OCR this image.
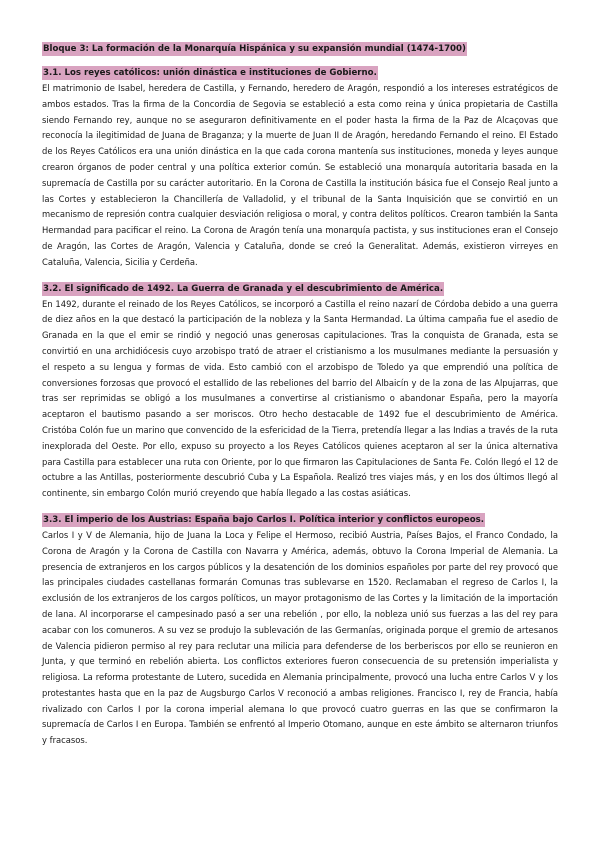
Bloque 3: La formación de la Monarquía Hispánica y su expansión mundial (1474-1700)
3.1. Los reyes católicos: unión dinástica e instituciones de Gobierno.

El matrimonio de Isabel, heredera de Castilla, y Fernando, heredero de Aragón, respondió a los intereses estratégicos de ambos estados. Tras la firma de la Concordia de Segovia se estableció a esta como reina y única propietaria de Castilla siendo Fernando rey, aunque no se aseguraron definitivamente en el poder hasta la firma de la Paz de Alcaçovas que reconocía la ilegitimidad de Juana de Braganza; y la muerte de Juan II de Aragón, heredando Fernando el reino. El Estado de los Reyes Católicos era una unión dinástica en la que cada corona mantenía sus instituciones, moneda y leyes aunque crearon órganos de poder central y una política exterior común. Se estableció una monarquía autoritaria basada en la supremacía de Castilla por su carácter autoritario. En la Corona de Castilla la institución básica fue el Consejo Real junto a las Cortes y establecieron la Chancillería de Valladolid, y el tribunal de la Santa Inquisición que se convirtió en un mecanismo de represión contra cualquier desviación religiosa o moral, y contra delitos políticos. Crearon también la Santa Hermandad para pacificar el reino. La Corona de Aragón tenía una monarquía pactista, y sus instituciones eran el Consejo de Aragón, las Cortes de Aragón, Valencia y Cataluña, donde se creó la Generalitat. Además, existieron virreyes en Cataluña, Valencia, Sicilia y Cerdeña.

3.2. El significado de 1492. La Guerra de Granada y el descubrimiento de América.

En 1492, durante el reinado de los Reyes Católicos, se incorporó a Castilla el reino nazarí de Córdoba debido a una guerra de diez años en la que destacó la participación de la nobleza y la Santa Hermandad. La última campaña fue el asedio de Granada en la que el emir se rindió y negoció unas generosas capitulaciones. Tras la conquista de Granada, esta se convirtió en una archidiócesis cuyo arzobispo trató de atraer el cristianismo a los musulmanes mediante la persuasión y el respeto a su lengua y formas de vida. Esto cambió con el arzobispo de Toledo ya que emprendió una política de conversiones forzosas que provocó el estallido de las rebeliones del barrio del Albaicín y de la zona de las Alpujarras, que tras ser reprimidas se obligó a los musulmanes a convertirse al cristianismo o abandonar España, pero la mayoría aceptaron el bautismo pasando a ser moriscos. Otro hecho destacable de 1492 fue el descubrimiento de América. Cristóba Colón fue un marino que convencido de la esfericidad de la Tierra, pretendía llegar a las Indias a través de la ruta inexplorada del Oeste. Por ello, expuso su proyecto a los Reyes Católicos quienes aceptaron al ser la única alternativa para Castilla para establecer una ruta con Oriente, por lo que firmaron las Capitulaciones de Santa Fe. Colón llegó el 12 de octubre a las Antillas, posteriormente descubrió Cuba y La Española. Realizó tres viajes más, y en los dos últimos llegó al continente, sin embargo Colón murió creyendo que había llegado a las costas asiáticas.

3.3. El imperio de los Austrias: España bajo Carlos I. Política interior y conflictos europeos.

Carlos I y V de Alemania, hijo de Juana la Loca y Felipe el Hermoso, recibió Austria, Países Bajos, el Franco Condado, la Corona de Aragón y la Corona de Castilla con Navarra y América, además, obtuvo la Corona Imperial de Alemania. La presencia de extranjeros en los cargos públicos y la desatención de los dominios españoles por parte del rey provocó que las principales ciudades castellanas formarán Comunas tras sublevarse en 1520. Reclamaban el regreso de Carlos I, la exclusión de los extranjeros de los cargos políticos, un mayor protagonismo de las Cortes y la limitación de la importación de lana. Al incorporarse el campesinado pasó a ser una rebelión , por ello, la nobleza unió sus fuerzas a las del rey para acabar con los comuneros. A su vez se produjo la sublevación de las Germanías, originada porque el gremio de artesanos de Valencia pidieron permiso al rey para reclutar una milicia para defenderse de los berberiscos por ello se reunieron en Junta, y que terminó en rebelión abierta. Los conflictos exteriores fueron consecuencia de su pretensión imperialista y religiosa. La reforma protestante de Lutero, sucedida en Alemania principalmente, provocó una lucha entre Carlos V y los protestantes hasta que en la paz de Augsburgo Carlos V reconoció a ambas religiones. Francisco I, rey de Francia, había rivalizado con Carlos I por la corona imperial alemana lo que provocó cuatro guerras en las que se confirmaron la supremacía de Carlos I en Europa. También se enfrentó al Imperio Otomano, aunque en este ámbito se alternaron triunfos y fracasos.
